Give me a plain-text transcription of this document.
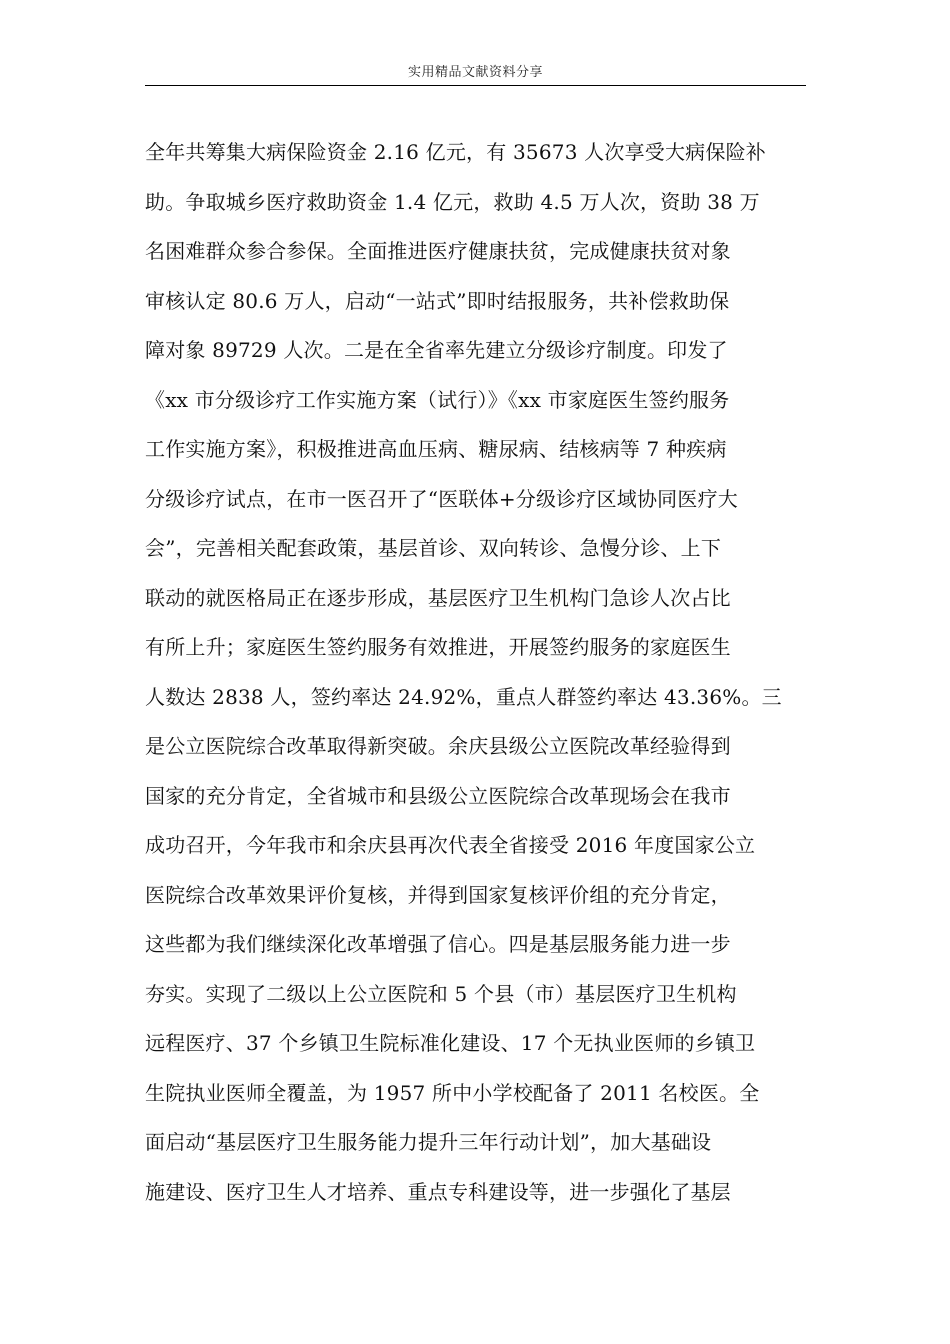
实用精品文献资料分享
全年共筹集大病保险资金 2.16 亿元，有 35673 人次享受大病保险补
助。争取城乡医疗救助资金 1.4 亿元，救助 4.5 万人次，资助 38 万
名困难群众参合参保。全面推进医疗健康扶贫，完成健康扶贫对象
审核认定 80.6 万人，启动“一站式”即时结报服务，共补偿救助保
障对象 89729 人次。二是在全省率先建立分级诊疗制度。印发了
《xx 市分级诊疗工作实施方案（试行）》《xx 市家庭医生签约服务
工作实施方案》，积极推进高血压病、糖尿病、结核病等 7 种疾病
分级诊疗试点，在市一医召开了“医联体+分级诊疗区域协同医疗大
会”，完善相关配套政策，基层首诊、双向转诊、急慢分诊、上下
联动的就医格局正在逐步形成，基层医疗卫生机构门急诊人次占比
有所上升；家庭医生签约服务有效推进，开展签约服务的家庭医生
人数达 2838 人，签约率达 24.92%，重点人群签约率达 43.36%。三
是公立医院综合改革取得新突破。余庆县级公立医院改革经验得到
国家的充分肯定，全省城市和县级公立医院综合改革现场会在我市
成功召开，今年我市和余庆县再次代表全省接受 2016 年度国家公立
医院综合改革效果评价复核，并得到国家复核评价组的充分肯定，
这些都为我们继续深化改革增强了信心。四是基层服务能力进一步
夯实。实现了二级以上公立医院和 5 个县（市）基层医疗卫生机构
远程医疗、37 个乡镇卫生院标准化建设、17 个无执业医师的乡镇卫
生院执业医师全覆盖，为 1957 所中小学校配备了 2011 名校医。全
面启动“基层医疗卫生服务能力提升三年行动计划”，加大基础设
施建设、医疗卫生人才培养、重点专科建设等，进一步强化了基层
